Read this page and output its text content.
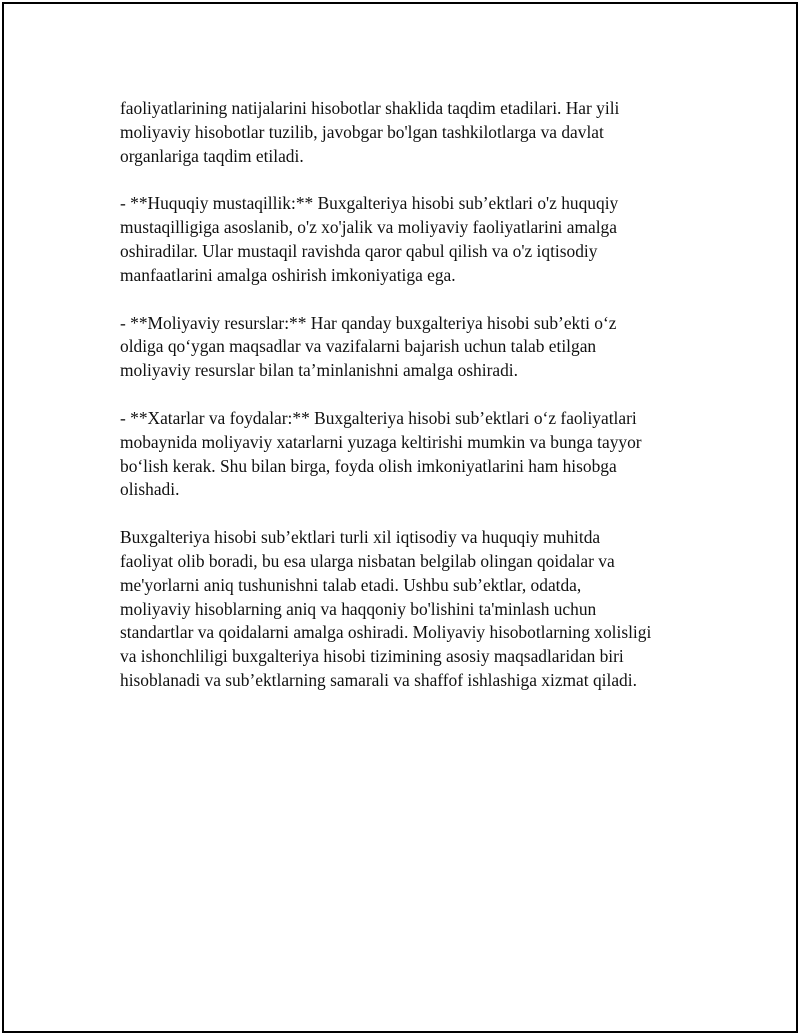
faoliyatlarining natijalarini hisobotlar shaklida taqdim etadilari. Har yili
moliyaviy hisobotlar tuzilib, javobgar bo'lgan tashkilotlarga va davlat
organlariga taqdim etiladi.

- **Huquqiy mustaqillik:** Buxgalteriya hisobi sub’ektlari o'z huquqiy
mustaqilligiga asoslanib, o'z xo'jalik va moliyaviy faoliyatlarini amalga
oshiradilar. Ular mustaqil ravishda qaror qabul qilish va o'z iqtisodiy
manfaatlarini amalga oshirish imkoniyatiga ega.

- **Moliyaviy resurslar:** Har qanday buxgalteriya hisobi sub’ekti o‘z
oldiga qo‘ygan maqsadlar va vazifalarni bajarish uchun talab etilgan
moliyaviy resurslar bilan ta’minlanishni amalga oshiradi.

- **Xatarlar va foydalar:** Buxgalteriya hisobi sub’ektlari o‘z faoliyatlari
mobaynida moliyaviy xatarlarni yuzaga keltirishi mumkin va bunga tayyor
bo‘lish kerak. Shu bilan birga, foyda olish imkoniyatlarini ham hisobga
olishadi.

Buxgalteriya hisobi sub’ektlari turli xil iqtisodiy va huquqiy muhitda
faoliyat olib boradi, bu esa ularga nisbatan belgilab olingan qoidalar va
me'yorlarni aniq tushunishni talab etadi. Ushbu sub’ektlar, odatda,
moliyaviy hisoblarning aniq va haqqoniy bo'lishini ta'minlash uchun
standartlar va qoidalarni amalga oshiradi. Moliyaviy hisobotlarning xolisligi
va ishonchliligi buxgalteriya hisobi tizimining asosiy maqsadlaridan biri
hisoblanadi va sub’ektlarning samarali va shaffof ishlashiga xizmat qiladi.
